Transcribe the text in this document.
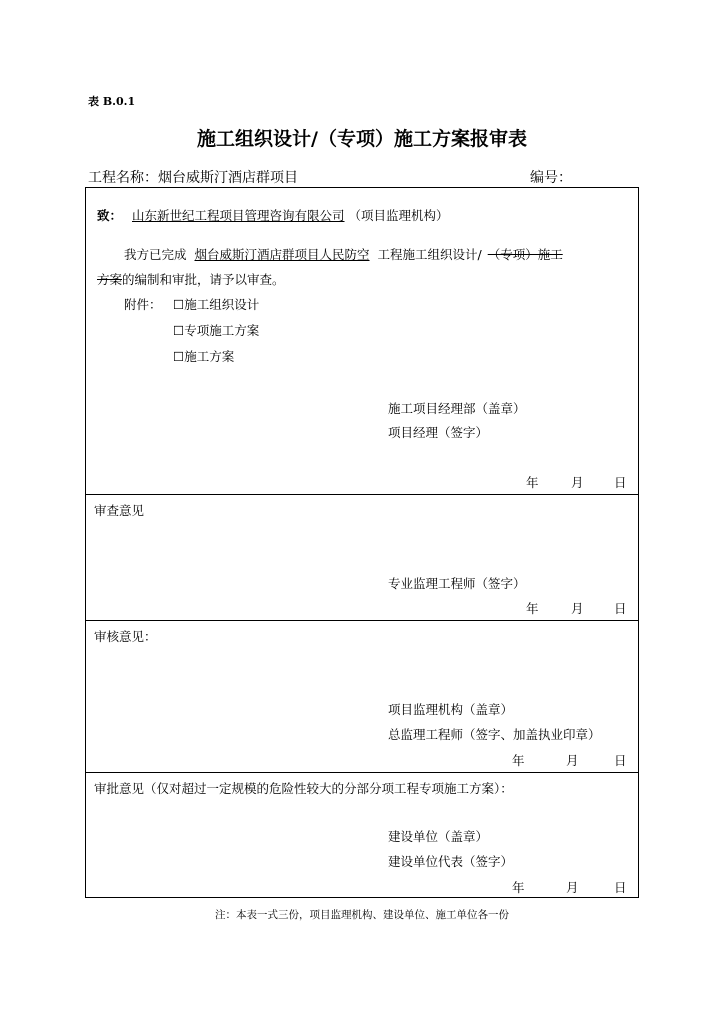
表 B.0.1
施工组织设计/（专项）施工方案报审表
工程名称：烟台威斯汀酒店群项目	编号：
致： 山东新世纪工程项目管理咨询有限公司 （项目监理机构）
我方已完成 烟台威斯汀酒店群项目人民防空 工程施工组织设计/ （专项）施工
方案的编制和审批，请予以审查。
附件： ☐施工组织设计
☐专项施工方案
☐施工方案
施工项目经理部（盖章）
项目经理（签字）
年	月 日
审查意见
专业监理工程师（签字）
年	月 日
审核意见：
项目监理机构（盖章）
总监理工程师（签字、加盖执业印章）
年	月	日
审批意见（仅对超过一定规模的危险性较大的分部分项工程专项施工方案）：
建设单位（盖章）
建设单位代表（签字）
年	月	日
注：本表一式三份，项目监理机构、建设单位、施工单位各一份
